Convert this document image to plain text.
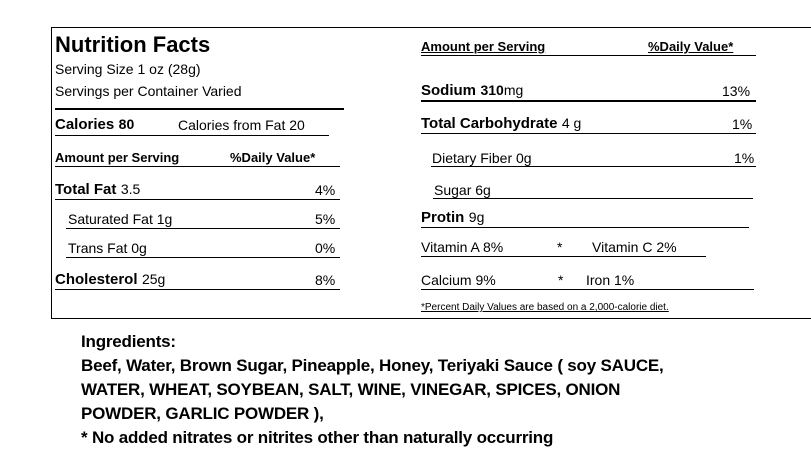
Nutrition Facts
Serving Size 1 oz (28g)
Servings per Container Varied
Calories 80	Calories from Fat 20
Amount per Serving	%Daily Value*
Total Fat 3.5	4%
Saturated Fat 1g	5%
Trans Fat 0g	0%
Cholesterol 25g	8%
Amount per Serving	%Daily Value*
Sodium 310mg	13%
Total Carbohydrate 4 g	1%
Dietary Fiber 0g	1%
Sugar 6g
Protin 9g
Vitamin A 8%	* Vitamin C 2%
Calcium 9%	* Iron 1%
*Percent Daily Values are based on a 2,000-calorie diet.
Ingredients:
Beef, Water, Brown Sugar, Pineapple, Honey, Teriyaki Sauce ( soy SAUCE,
WATER, WHEAT, SOYBEAN, SALT, WINE, VINEGAR, SPICES, ONION
POWDER, GARLIC POWDER ),
* No added nitrates or nitrites other than naturally occurring
